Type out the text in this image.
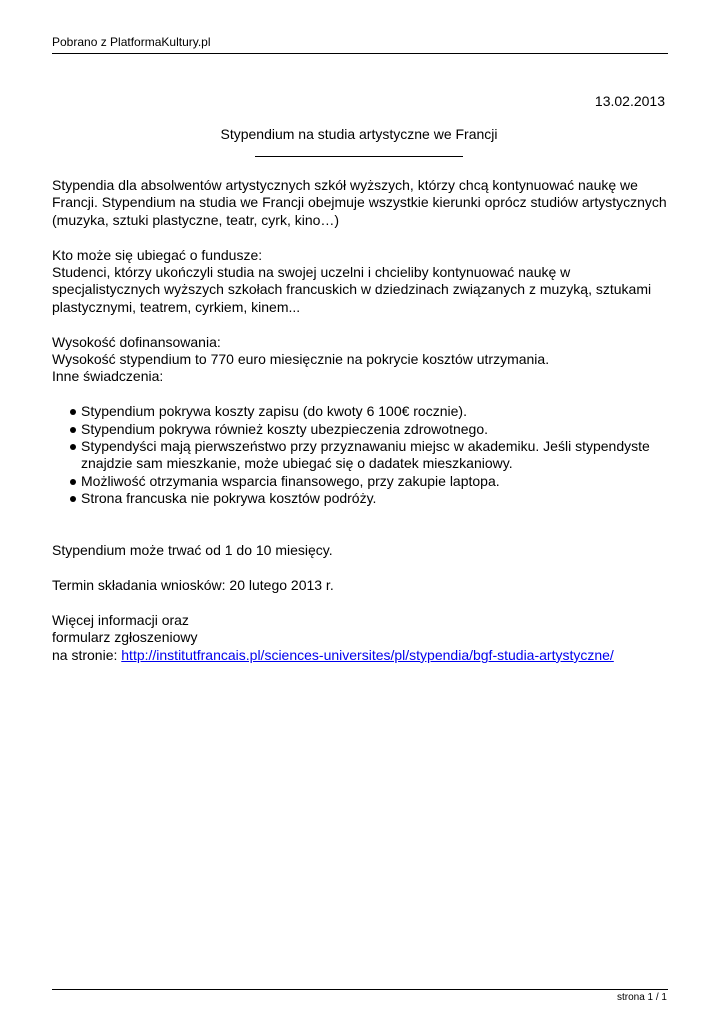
Pobrano z PlatformaKultury.pl
13.02.2013
Stypendium na studia artystyczne we Francji

Stypendia dla absolwentów artystycznych szkół wyższych, którzy chcą kontynuować naukę we Francji. Stypendium na studia we Francji obejmuje wszystkie kierunki oprócz studiów artystycznych (muzyka, sztuki plastyczne, teatr, cyrk, kino…)

Kto może się ubiegać o fundusze:

Studenci, którzy ukończyli studia na swojej uczelni i chcieliby kontynuować naukę w specjalistycznych wyższych szkołach francuskich w dziedzinach związanych z muzyką, sztukami plastycznymi, teatrem, cyrkiem, kinem...

Wysokość dofinansowania:

Wysokość stypendium to 770 euro miesięcznie na pokrycie kosztów utrzymania.

Inne świadczenia:

Stypendium pokrywa koszty zapisu (do kwoty 6 100€ rocznie).
Stypendium pokrywa również koszty ubezpieczenia zdrowotnego.
Stypendyści mają pierwszeństwo przy przyznawaniu miejsc w akademiku. Jeśli stypendyste znajdzie sam mieszkanie, może ubiegać się o dadatek mieszkaniowy.
Możliwość otrzymania wsparcia finansowego, przy zakupie laptopa.
Strona francuska nie pokrywa kosztów podróży.

Stypendium może trwać od 1 do 10 miesięcy.

Termin składania wniosków: 20 lutego 2013 r.

Więcej informacji oraz

formularz zgłoszeniowy

na stronie: http://institutfrancais.pl/sciences-universites/pl/stypendia/bgf-studia-artystyczne/

strona 1 / 1
